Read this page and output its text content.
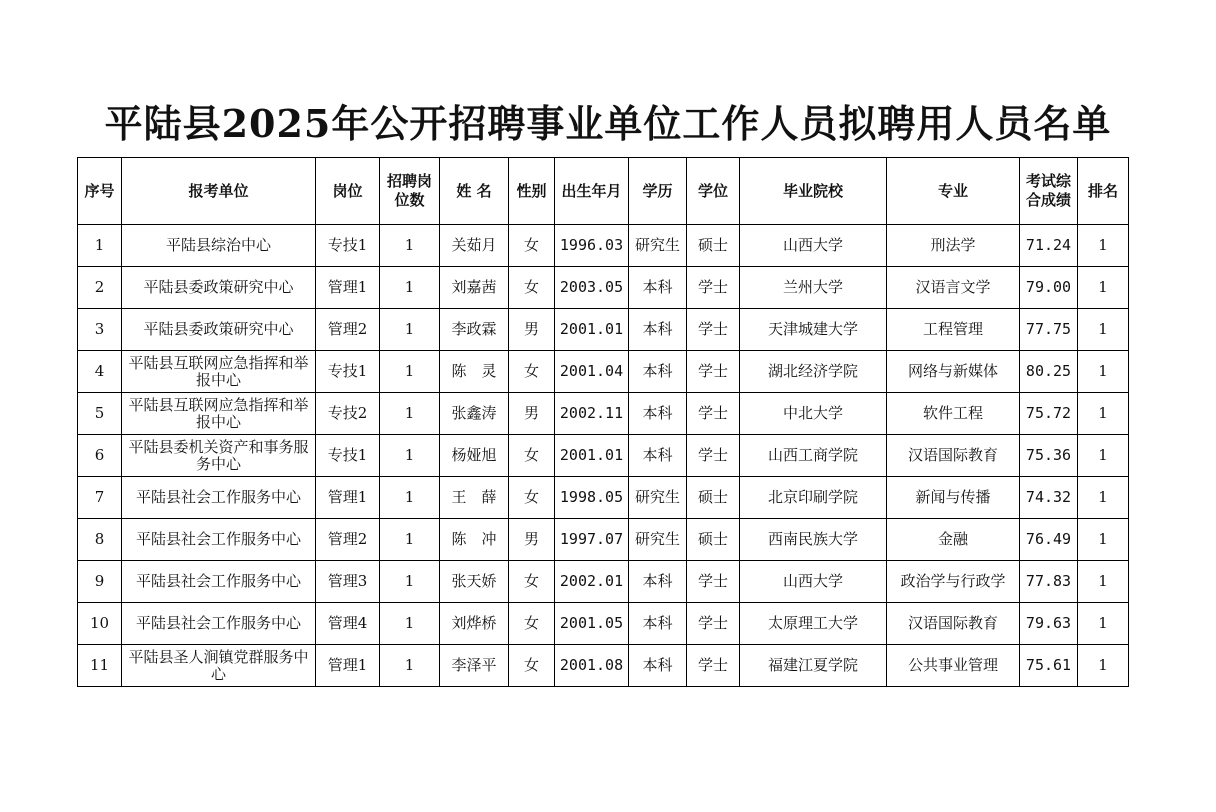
平陆县2025年公开招聘事业单位工作人员拟聘用人员名单
序号	报考单位	岗位	招聘岗位数	姓 名	性别	出生年月	学历	学位	毕业院校	专业	考试综合成绩	排名
1	平陆县综治中心	专技1	1	关茹月	女	1996.03	研究生	硕士	山西大学	刑法学	71.24	1
2	平陆县委政策研究中心	管理1	1	刘嘉茜	女	2003.05	本科	学士	兰州大学	汉语言文学	79.00	1
3	平陆县委政策研究中心	管理2	1	李政霖	男	2001.01	本科	学士	天津城建大学	工程管理	77.75	1
4	平陆县互联网应急指挥和举报中心	专技1	1	陈　灵	女	2001.04	本科	学士	湖北经济学院	网络与新媒体	80.25	1
5	平陆县互联网应急指挥和举报中心	专技2	1	张鑫涛	男	2002.11	本科	学士	中北大学	软件工程	75.72	1
6	平陆县委机关资产和事务服务中心	专技1	1	杨娅旭	女	2001.01	本科	学士	山西工商学院	汉语国际教育	75.36	1
7	平陆县社会工作服务中心	管理1	1	王　薛	女	1998.05	研究生	硕士	北京印刷学院	新闻与传播	74.32	1
8	平陆县社会工作服务中心	管理2	1	陈　冲	男	1997.07	研究生	硕士	西南民族大学	金融	76.49	1
9	平陆县社会工作服务中心	管理3	1	张天娇	女	2002.01	本科	学士	山西大学	政治学与行政学	77.83	1
10	平陆县社会工作服务中心	管理4	1	刘烨桥	女	2001.05	本科	学士	太原理工大学	汉语国际教育	79.63	1
11	平陆县圣人涧镇党群服务中心	管理1	1	李泽平	女	2001.08	本科	学士	福建江夏学院	公共事业管理	75.61	1
